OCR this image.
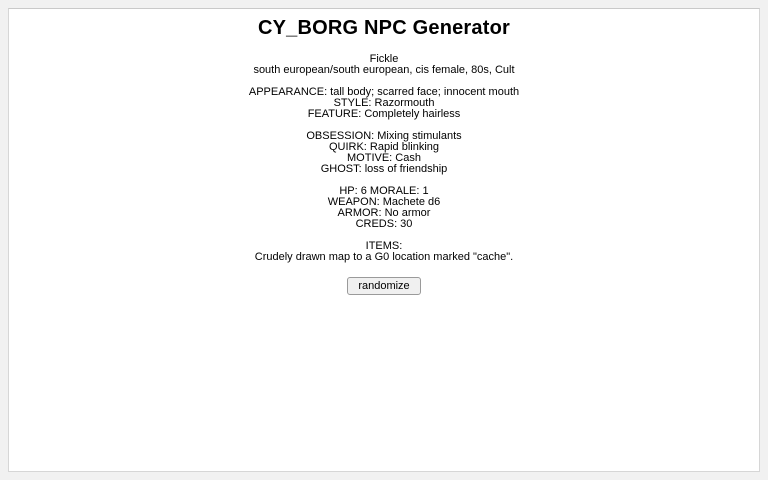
CY_BORG NPC Generator

Fickle
south european/south european, cis female, 80s, Cult

APPEARANCE: tall body; scarred face; innocent mouth
STYLE: Razormouth
FEATURE: Completely hairless

OBSESSION: Mixing stimulants
QUIRK: Rapid blinking
MOTIVE: Cash
GHOST: loss of friendship

HP: 6 MORALE: 1
WEAPON: Machete d6
ARMOR: No armor
CREDS: 30

ITEMS:
Crudely drawn map to a G0 location marked "cache".

randomize
